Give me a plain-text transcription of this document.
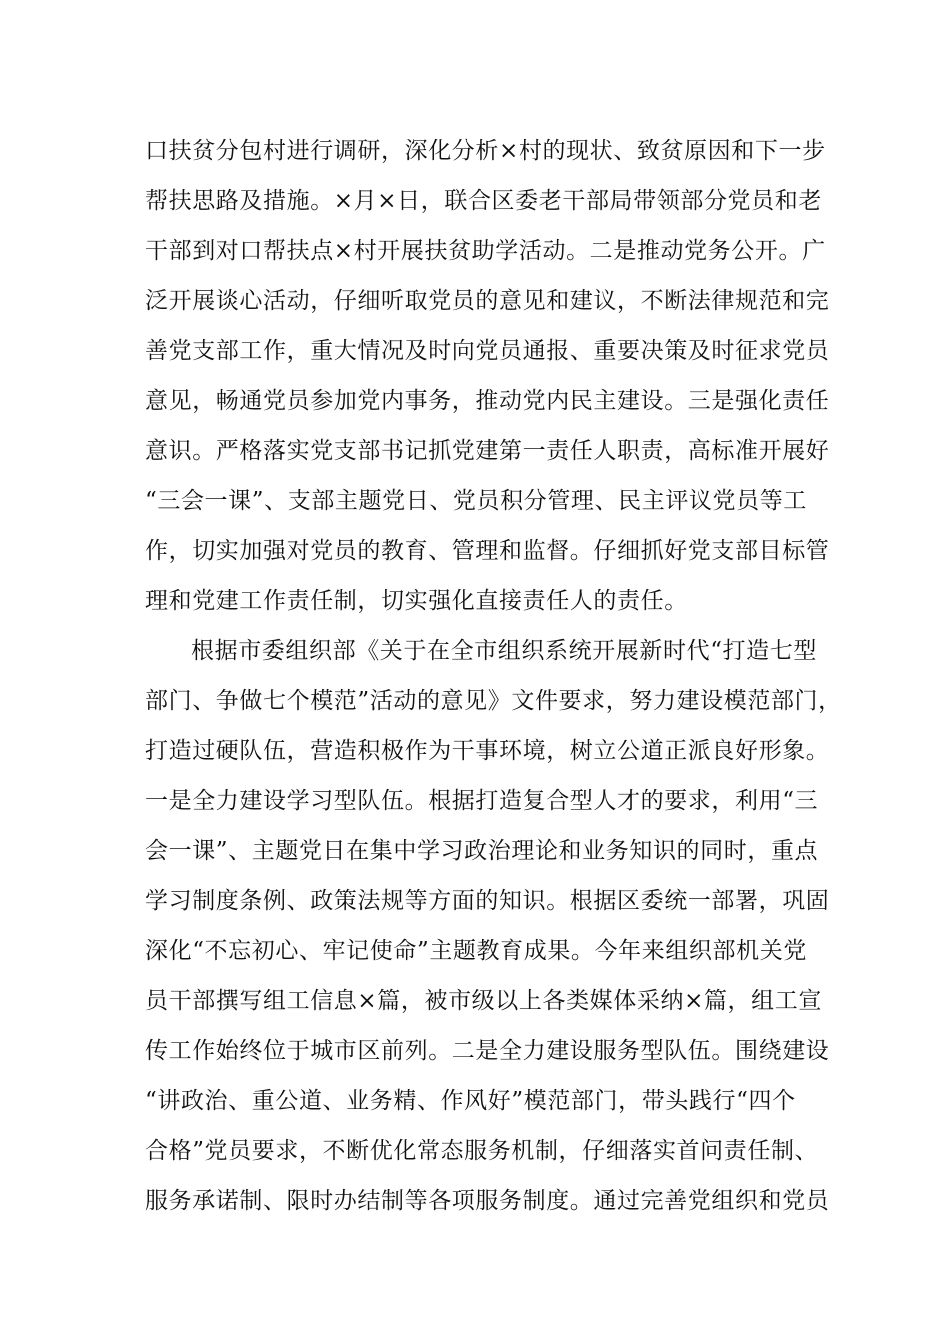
口扶贫分包村进行调研，深化分析×村的现状、致贫原因和下一步
帮扶思路及措施。×月×日，联合区委老干部局带领部分党员和老
干部到对口帮扶点×村开展扶贫助学活动。二是推动党务公开。广
泛开展谈心活动，仔细听取党员的意见和建议，不断法律规范和完
善党支部工作，重大情况及时向党员通报、重要决策及时征求党员
意见，畅通党员参加党内事务，推动党内民主建设。三是强化责任
意识。严格落实党支部书记抓党建第一责任人职责，高标准开展好
“三会一课”、支部主题党日、党员积分管理、民主评议党员等工
作，切实加强对党员的教育、管理和监督。仔细抓好党支部目标管
理和党建工作责任制，切实强化直接责任人的责任。
根据市委组织部《关于在全市组织系统开展新时代“打造七型
部门、争做七个模范”活动的意见》文件要求，努力建设模范部门，
打造过硬队伍，营造积极作为干事环境，树立公道正派良好形象。
一是全力建设学习型队伍。根据打造复合型人才的要求，利用“三
会一课”、主题党日在集中学习政治理论和业务知识的同时，重点
学习制度条例、政策法规等方面的知识。根据区委统一部署，巩固
深化“不忘初心、牢记使命”主题教育成果。今年来组织部机关党
员干部撰写组工信息×篇，被市级以上各类媒体采纳×篇，组工宣
传工作始终位于城市区前列。二是全力建设服务型队伍。围绕建设
“讲政治、重公道、业务精、作风好”模范部门，带头践行“四个
合格”党员要求，不断优化常态服务机制，仔细落实首问责任制、
服务承诺制、限时办结制等各项服务制度。通过完善党组织和党员
